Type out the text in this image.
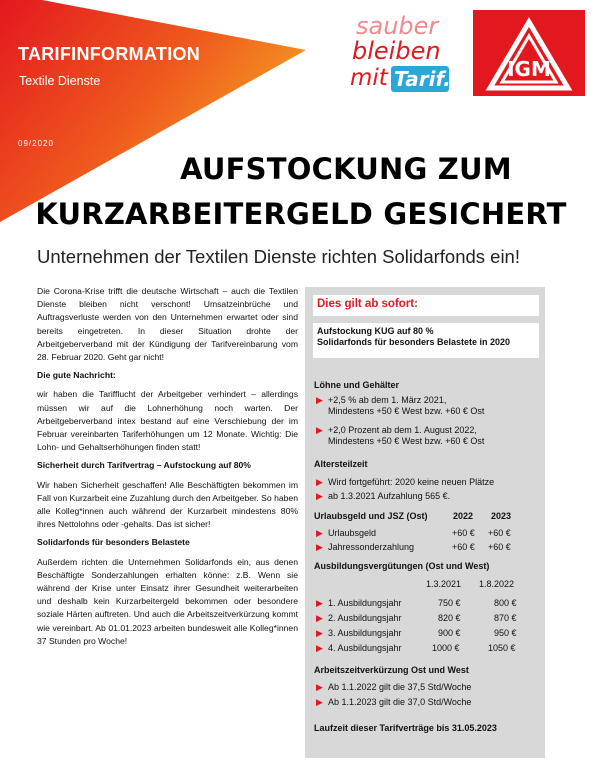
TARIFINFORMATION
Textile Dienste
09/2020
sauber
bleiben
mit Tarif.	IGM
AUFSTOCKUNG ZUM
KURZARBEITERGELD GESICHERT
Unternehmen der Textilen Dienste richten Solidarfonds ein!

Die Corona-Krise trifft die deutsche Wirtschaft – auch die Textilen Dienste bleiben nicht verschont! Umsatzeinbrüche und Auftragsverluste werden von den Unternehmen erwartet oder sind bereits eingetreten. In dieser Situation drohte der Arbeitgeberverband mit der Kündigung der Tarifvereinbarung vom 28. Februar 2020. Geht gar nicht!

Die gute Nachricht:

wir haben die Tarifflucht der Arbeitgeber verhindert – allerdings müssen wir auf die Lohnerhöhung noch warten. Der Arbeitgeberverband intex bestand auf eine Verschiebung der im Februar vereinbarten Tariferhöhungen um 12 Monate. Wichtig: Die Lohn- und Gehaltserhöhungen finden statt!

Sicherheit durch Tarifvertrag – Aufstockung auf 80%

Wir haben Sicherheit geschaffen! Alle Beschäftigten bekommen im Fall von Kurzarbeit eine Zuzahlung durch den Arbeitgeber. So haben alle Kolleg*innen auch während der Kurzarbeit mindestens 80% ihres Nettolohns oder -gehalts. Das ist sicher!

Solidarfonds für besonders Belastete

Außerdem richten die Unternehmen Solidarfonds ein, aus denen Beschäftigte Sonderzahlungen erhalten könne: z.B. Wenn sie während der Krise unter Einsatz ihrer Gesundheit weiterarbeiten und deshalb kein Kurzarbeitergeld bekommen oder besondere soziale Härten auftreten. Und auch die Arbeitszeitverkürzung kommt wie vereinbart. Ab 01.01.2023 arbeiten bundesweit alle Kolleg*innen 37 Stunden pro Woche!

Dies gilt ab sofort:
Aufstockung KUG auf 80 %
Solidarfonds für besonders Belastete in 2020
Löhne und Gehälter
▶ +2,5 % ab dem 1. März 2021,
Mindestens +50 € West bzw. +60 € Ost
▶ +2,0 Prozent ab dem 1. August 2022,
Mindestens +50 € West bzw. +60 € Ost
Altersteilzeit
▶ Wird fortgeführt: 2020 keine neuen Plätze
▶ ab 1.3.2021 Aufzahlung 565 €.
Urlaubsgeld und JSZ (Ost)	2022 2023
▶ Urlaubsgeld	+60 € +60 €
▶ Jahressonderzahlung	+60 € +60 €
Ausbildungsvergütungen (Ost und West)
1.3.2021 1.8.2022
▶ 1. Ausbildungsjahr	750 €	800 €
▶ 2. Ausbildungsjahr	820 €	870 €
▶ 3. Ausbildungsjahr	900 €	950 €
▶ 4. Ausbildungsjahr	1000 €	1050 €
Arbeitszeitverkürzung Ost und West
▶ Ab 1.1.2022 gilt die 37,5 Std/Woche
▶ Ab 1.1.2023 gilt die 37,0 Std/Woche
Laufzeit dieser Tarifverträge bis 31.05.2023
